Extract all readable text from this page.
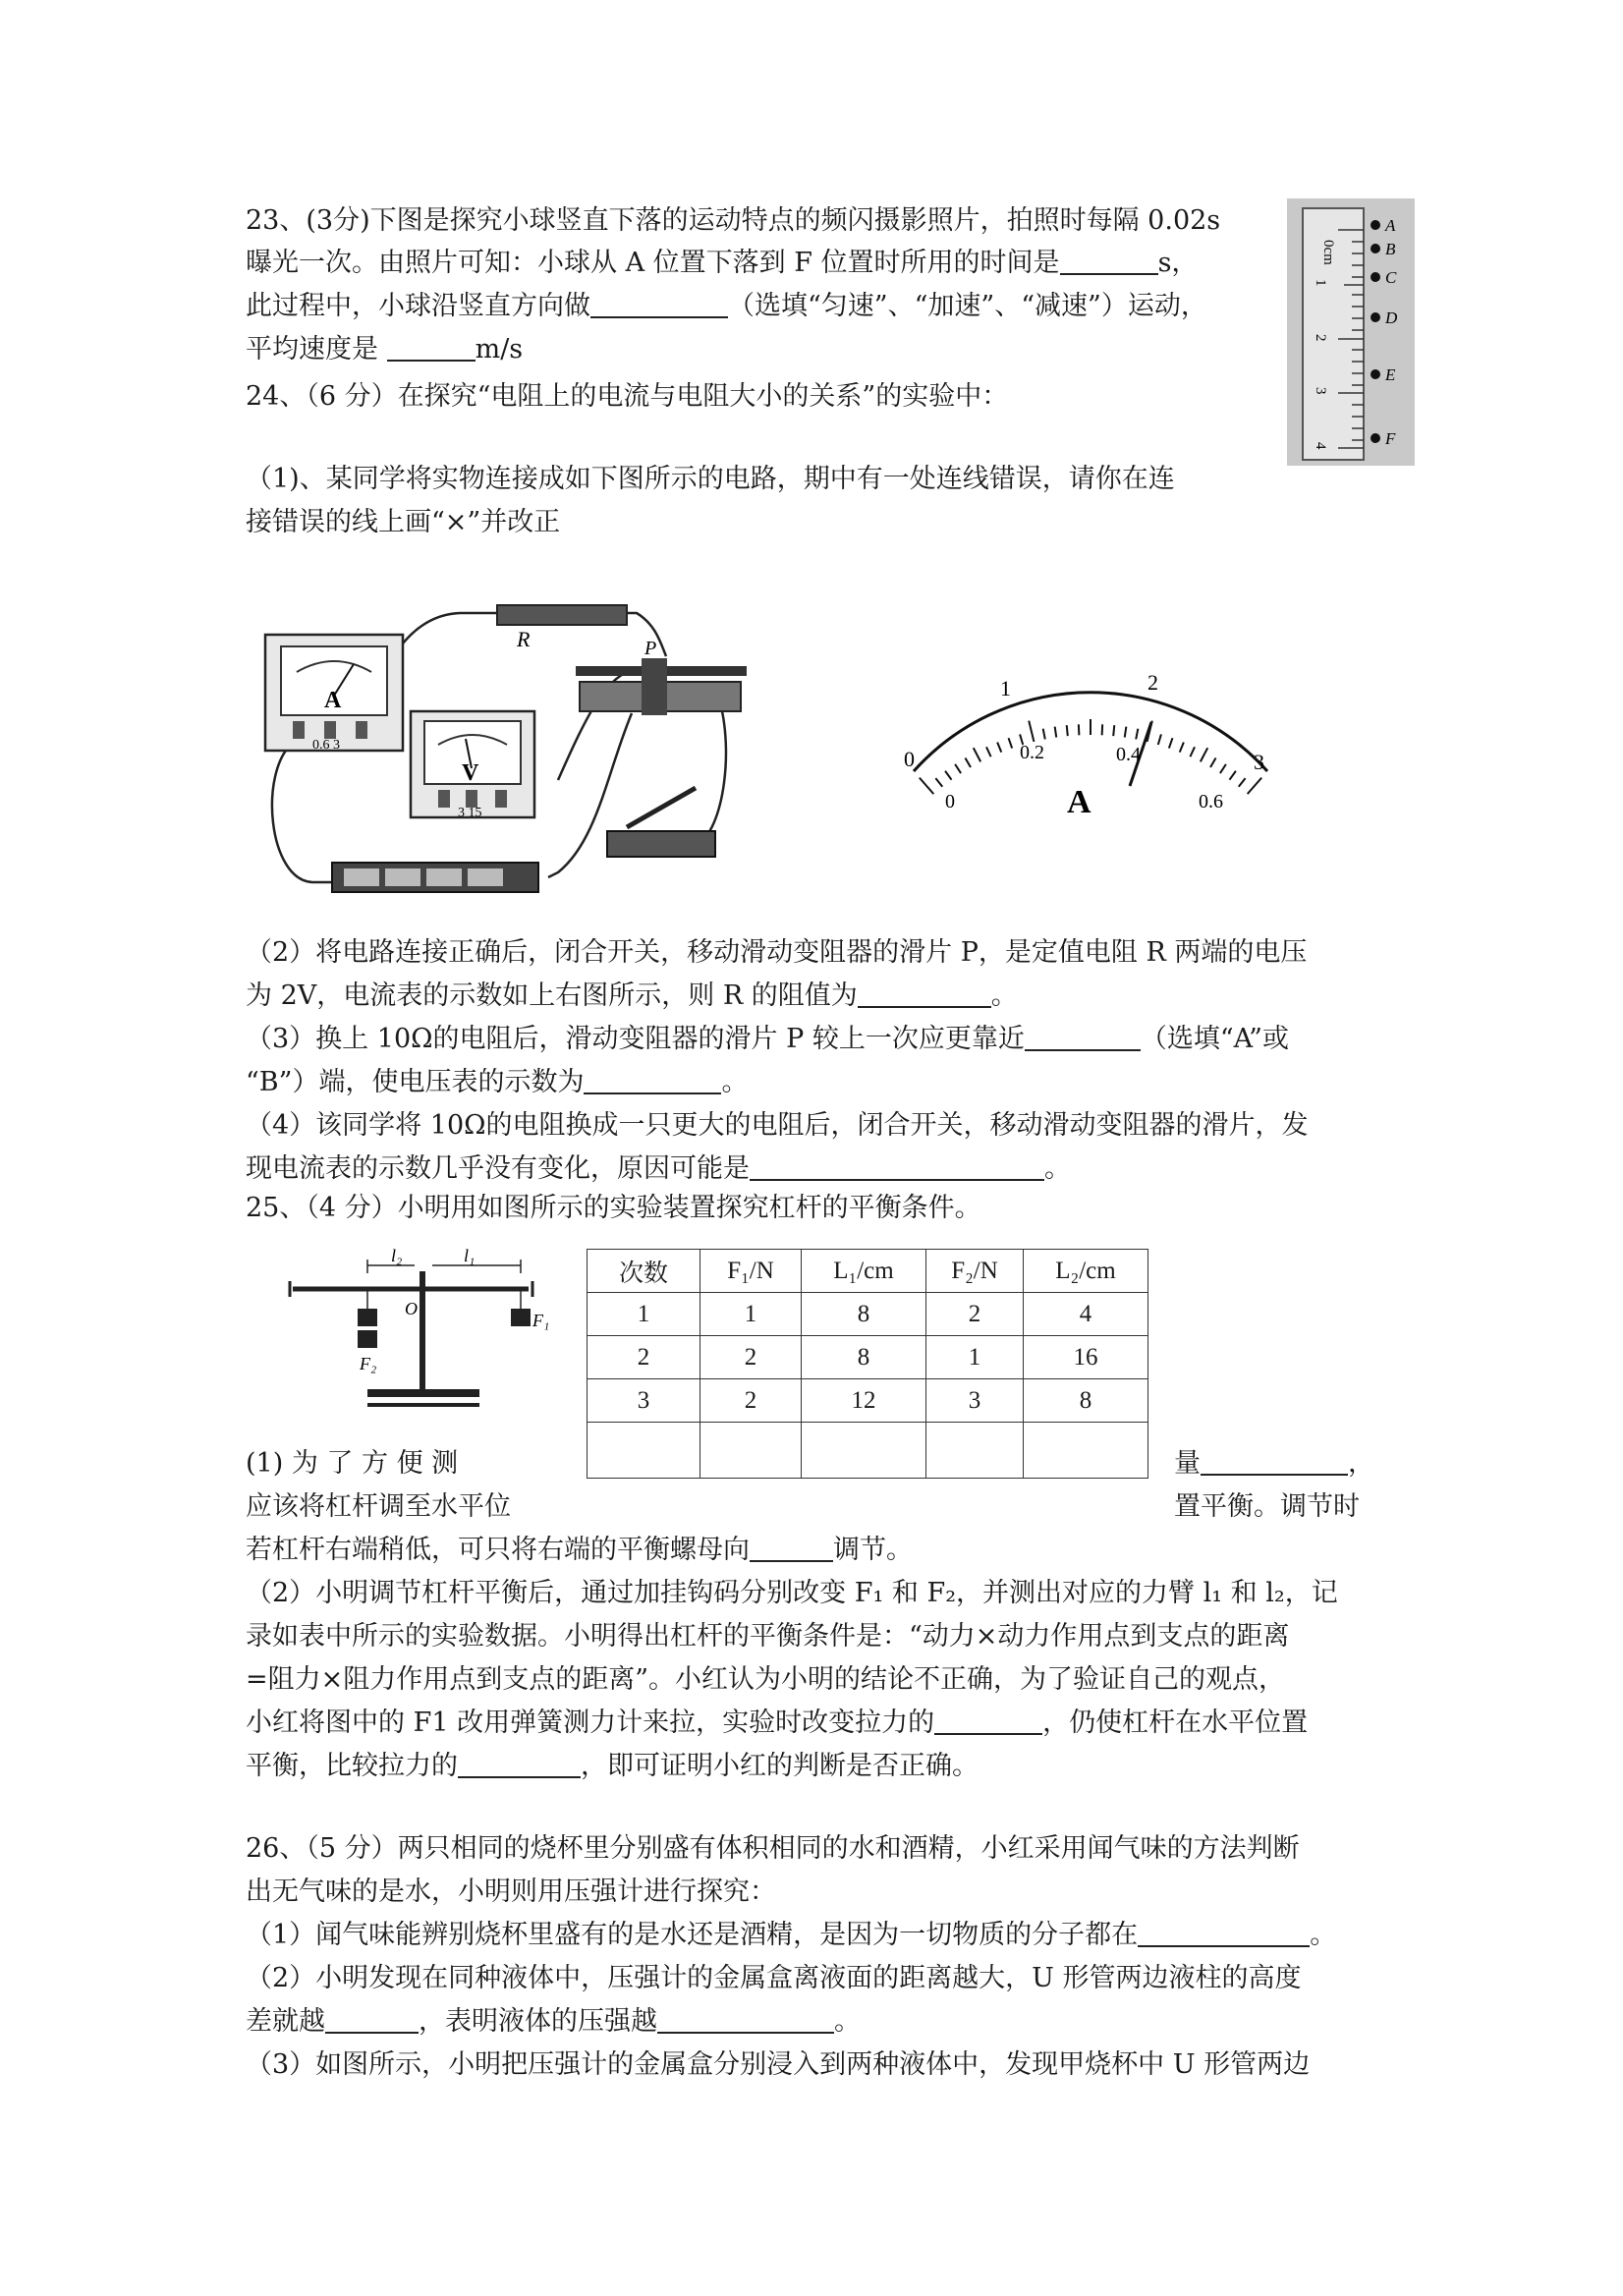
23、(3分)下图是探究小球竖直下落的运动特点的频闪摄影照片，拍照时每隔 0.02s
曝光一次。由照片可知：小球从 A 位置下落到 F 位置时所用的时间是	s，
此过程中，小球沿竖直方向做	（选填“匀速”、“加速”、“减速”）运动，
平均速度是	m/s
0cm
1
2
3
4
A
B
C
D
E
F
24、（6 分）在探究“电阻上的电流与电阻大小的关系”的实验中：
（1)、某同学将实物连接成如下图所示的电路，期中有一处连线错误，请你在连
接错误的线上画“×”并改正
R	P
A
0.6 3
V
3 15
0
1	2
3
0.2	0.4
0	0.6
A
（2）将电路连接正确后，闭合开关，移动滑动变阻器的滑片 P，是定值电阻 R 两端的电压
为 2V，电流表的示数如上右图所示，则 R 的阻值为	。
（3）换上 10Ω的电阻后，滑动变阻器的滑片 P 较上一次应更靠近	（选填“A”或
“B”）端，使电压表的示数为	。
（4）该同学将 10Ω的电阻换成一只更大的电阻后，闭合开关，移动滑动变阻器的滑片，发
现电流表的示数几乎没有变化，原因可能是	。
25、（4 分）小明用如图所示的实验装置探究杠杆的平衡条件。
l₂	l₁
O
F₁
F₂
次数	F₁/N	L₁/cm	F₂/N	L₂/cm
1	1	8	2	4
2	2	8	1	16
3	2	12	3	8

(1) 为 了 方 便 测	量	，
应该将杠杆调至水平位	置平衡。调节时
若杠杆右端稍低，可只将右端的平衡螺母向	调节。
（2）小明调节杠杆平衡后，通过加挂钩码分别改变 F₁ 和 F₂，并测出对应的力臂 l₁ 和 l₂，记
录如表中所示的实验数据。小明得出杠杆的平衡条件是：“动力×动力作用点到支点的距离
=阻力×阻力作用点到支点的距离”。小红认为小明的结论不正确，为了验证自己的观点，
小红将图中的 F1 改用弹簧测力计来拉，实验时改变拉力的	，仍使杠杆在水平位置
平衡，比较拉力的	，即可证明小红的判断是否正确。
26、（5 分）两只相同的烧杯里分别盛有体积相同的水和酒精，小红采用闻气味的方法判断
出无气味的是水，小明则用压强计进行探究：
（1）闻气味能辨别烧杯里盛有的是水还是酒精，是因为一切物质的分子都在	。
（2）小明发现在同种液体中，压强计的金属盒离液面的距离越大，U 形管两边液柱的高度
差就越	，表明液体的压强越	。
（3）如图所示，小明把压强计的金属盒分别浸入到两种液体中，发现甲烧杯中 U 形管两边
